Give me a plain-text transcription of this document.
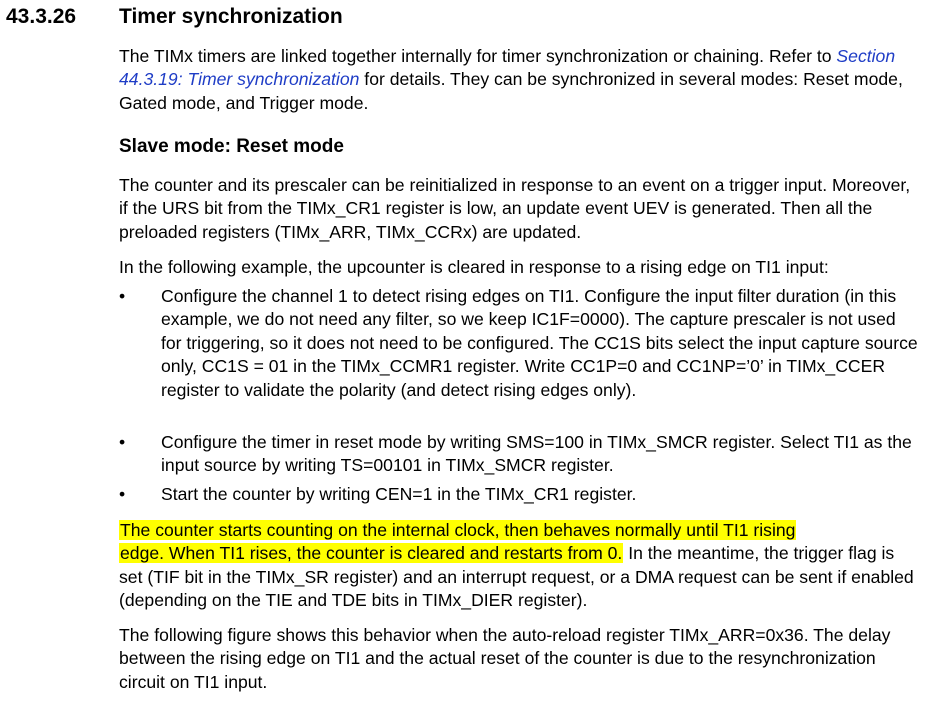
43.3.26 Timer synchronization
The TIMx timers are linked together internally for timer synchronization or chaining. Refer to Section 44.3.19: Timer synchronization for details. They can be synchronized in several modes: Reset mode, Gated mode, and Trigger mode.
Slave mode: Reset mode
The counter and its prescaler can be reinitialized in response to an event on a trigger input. Moreover, if the URS bit from the TIMx_CR1 register is low, an update event UEV is generated. Then all the preloaded registers (TIMx_ARR, TIMx_CCRx) are updated.
In the following example, the upcounter is cleared in response to a rising edge on TI1 input:
• Configure the channel 1 to detect rising edges on TI1. Configure the input filter duration (in this example, we do not need any filter, so we keep IC1F=0000). The capture prescaler is not used for triggering, so it does not need to be configured. The CC1S bits select the input capture source only, CC1S = 01 in the TIMx_CCMR1 register. Write CC1P=0 and CC1NP=’0’ in TIMx_CCER register to validate the polarity (and detect rising edges only).
• Configure the timer in reset mode by writing SMS=100 in TIMx_SMCR register. Select TI1 as the input source by writing TS=00101 in TIMx_SMCR register.
• Start the counter by writing CEN=1 in the TIMx_CR1 register.
The counter starts counting on the internal clock, then behaves normally until TI1 rising
edge. When TI1 rises, the counter is cleared and restarts from 0. In the meantime, the trigger flag is set (TIF bit in the TIMx_SR register) and an interrupt request, or a DMA request can be sent if enabled (depending on the TIE and TDE bits in TIMx_DIER register).
The following figure shows this behavior when the auto-reload register TIMx_ARR=0x36. The delay between the rising edge on TI1 and the actual reset of the counter is due to the resynchronization circuit on TI1 input.
